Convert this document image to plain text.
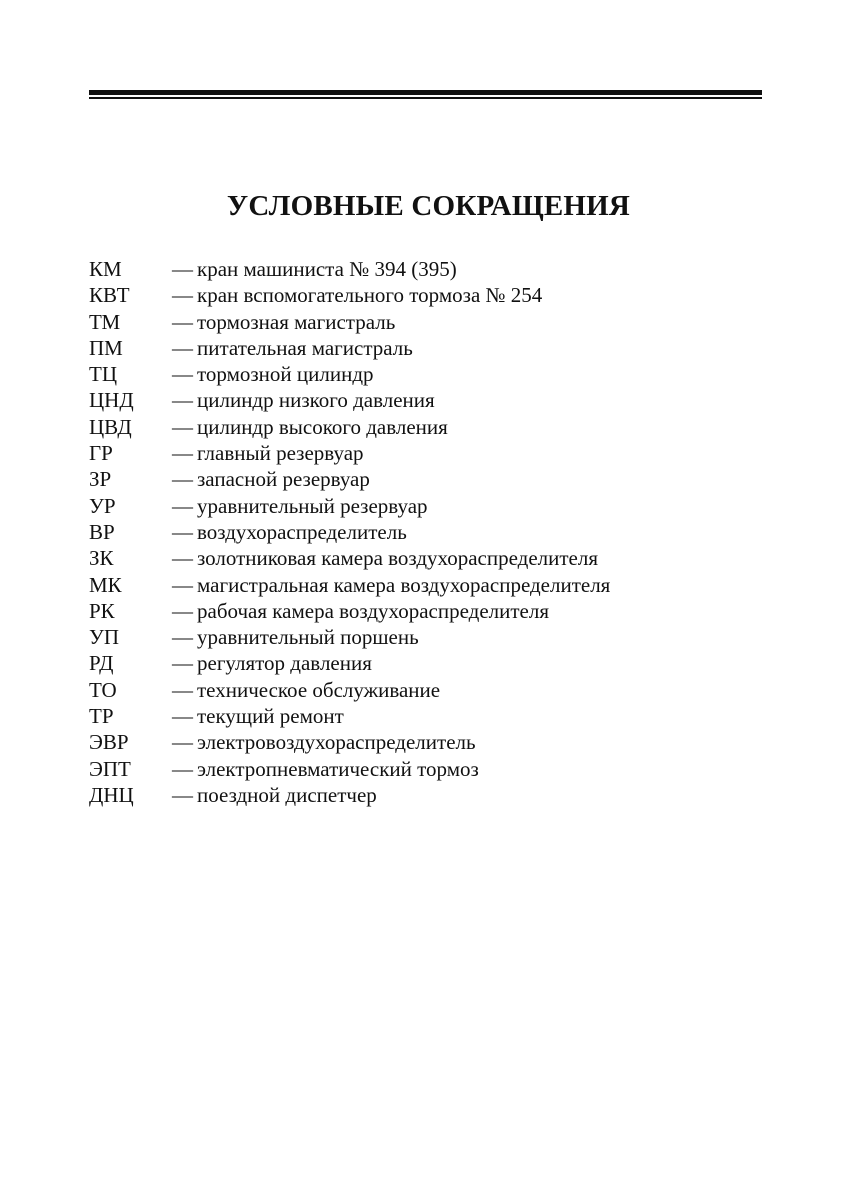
УСЛОВНЫЕ СОКРАЩЕНИЯ
КМ	— кран машиниста № 394 (395)
КВТ	— кран вспомогательного тормоза № 254
ТМ	— тормозная магистраль
ПМ	— питательная магистраль
ТЦ	— тормозной цилиндр
ЦНД	— цилиндр низкого давления
ЦВД	— цилиндр высокого давления
ГР	— главный резервуар
ЗР	— запасной резервуар
УР	— уравнительный резервуар
ВР	— воздухораспределитель
ЗК	— золотниковая камера воздухораспределителя
МК	— магистральная камера воздухораспределителя
РК	— рабочая камера воздухораспределителя
УП	— уравнительный поршень
РД	— регулятор давления
ТО	— техническое обслуживание
ТР	— текущий ремонт
ЭВР	— электровоздухораспределитель
ЭПТ	— электропневматический тормоз
ДНЦ	— поездной диспетчер
